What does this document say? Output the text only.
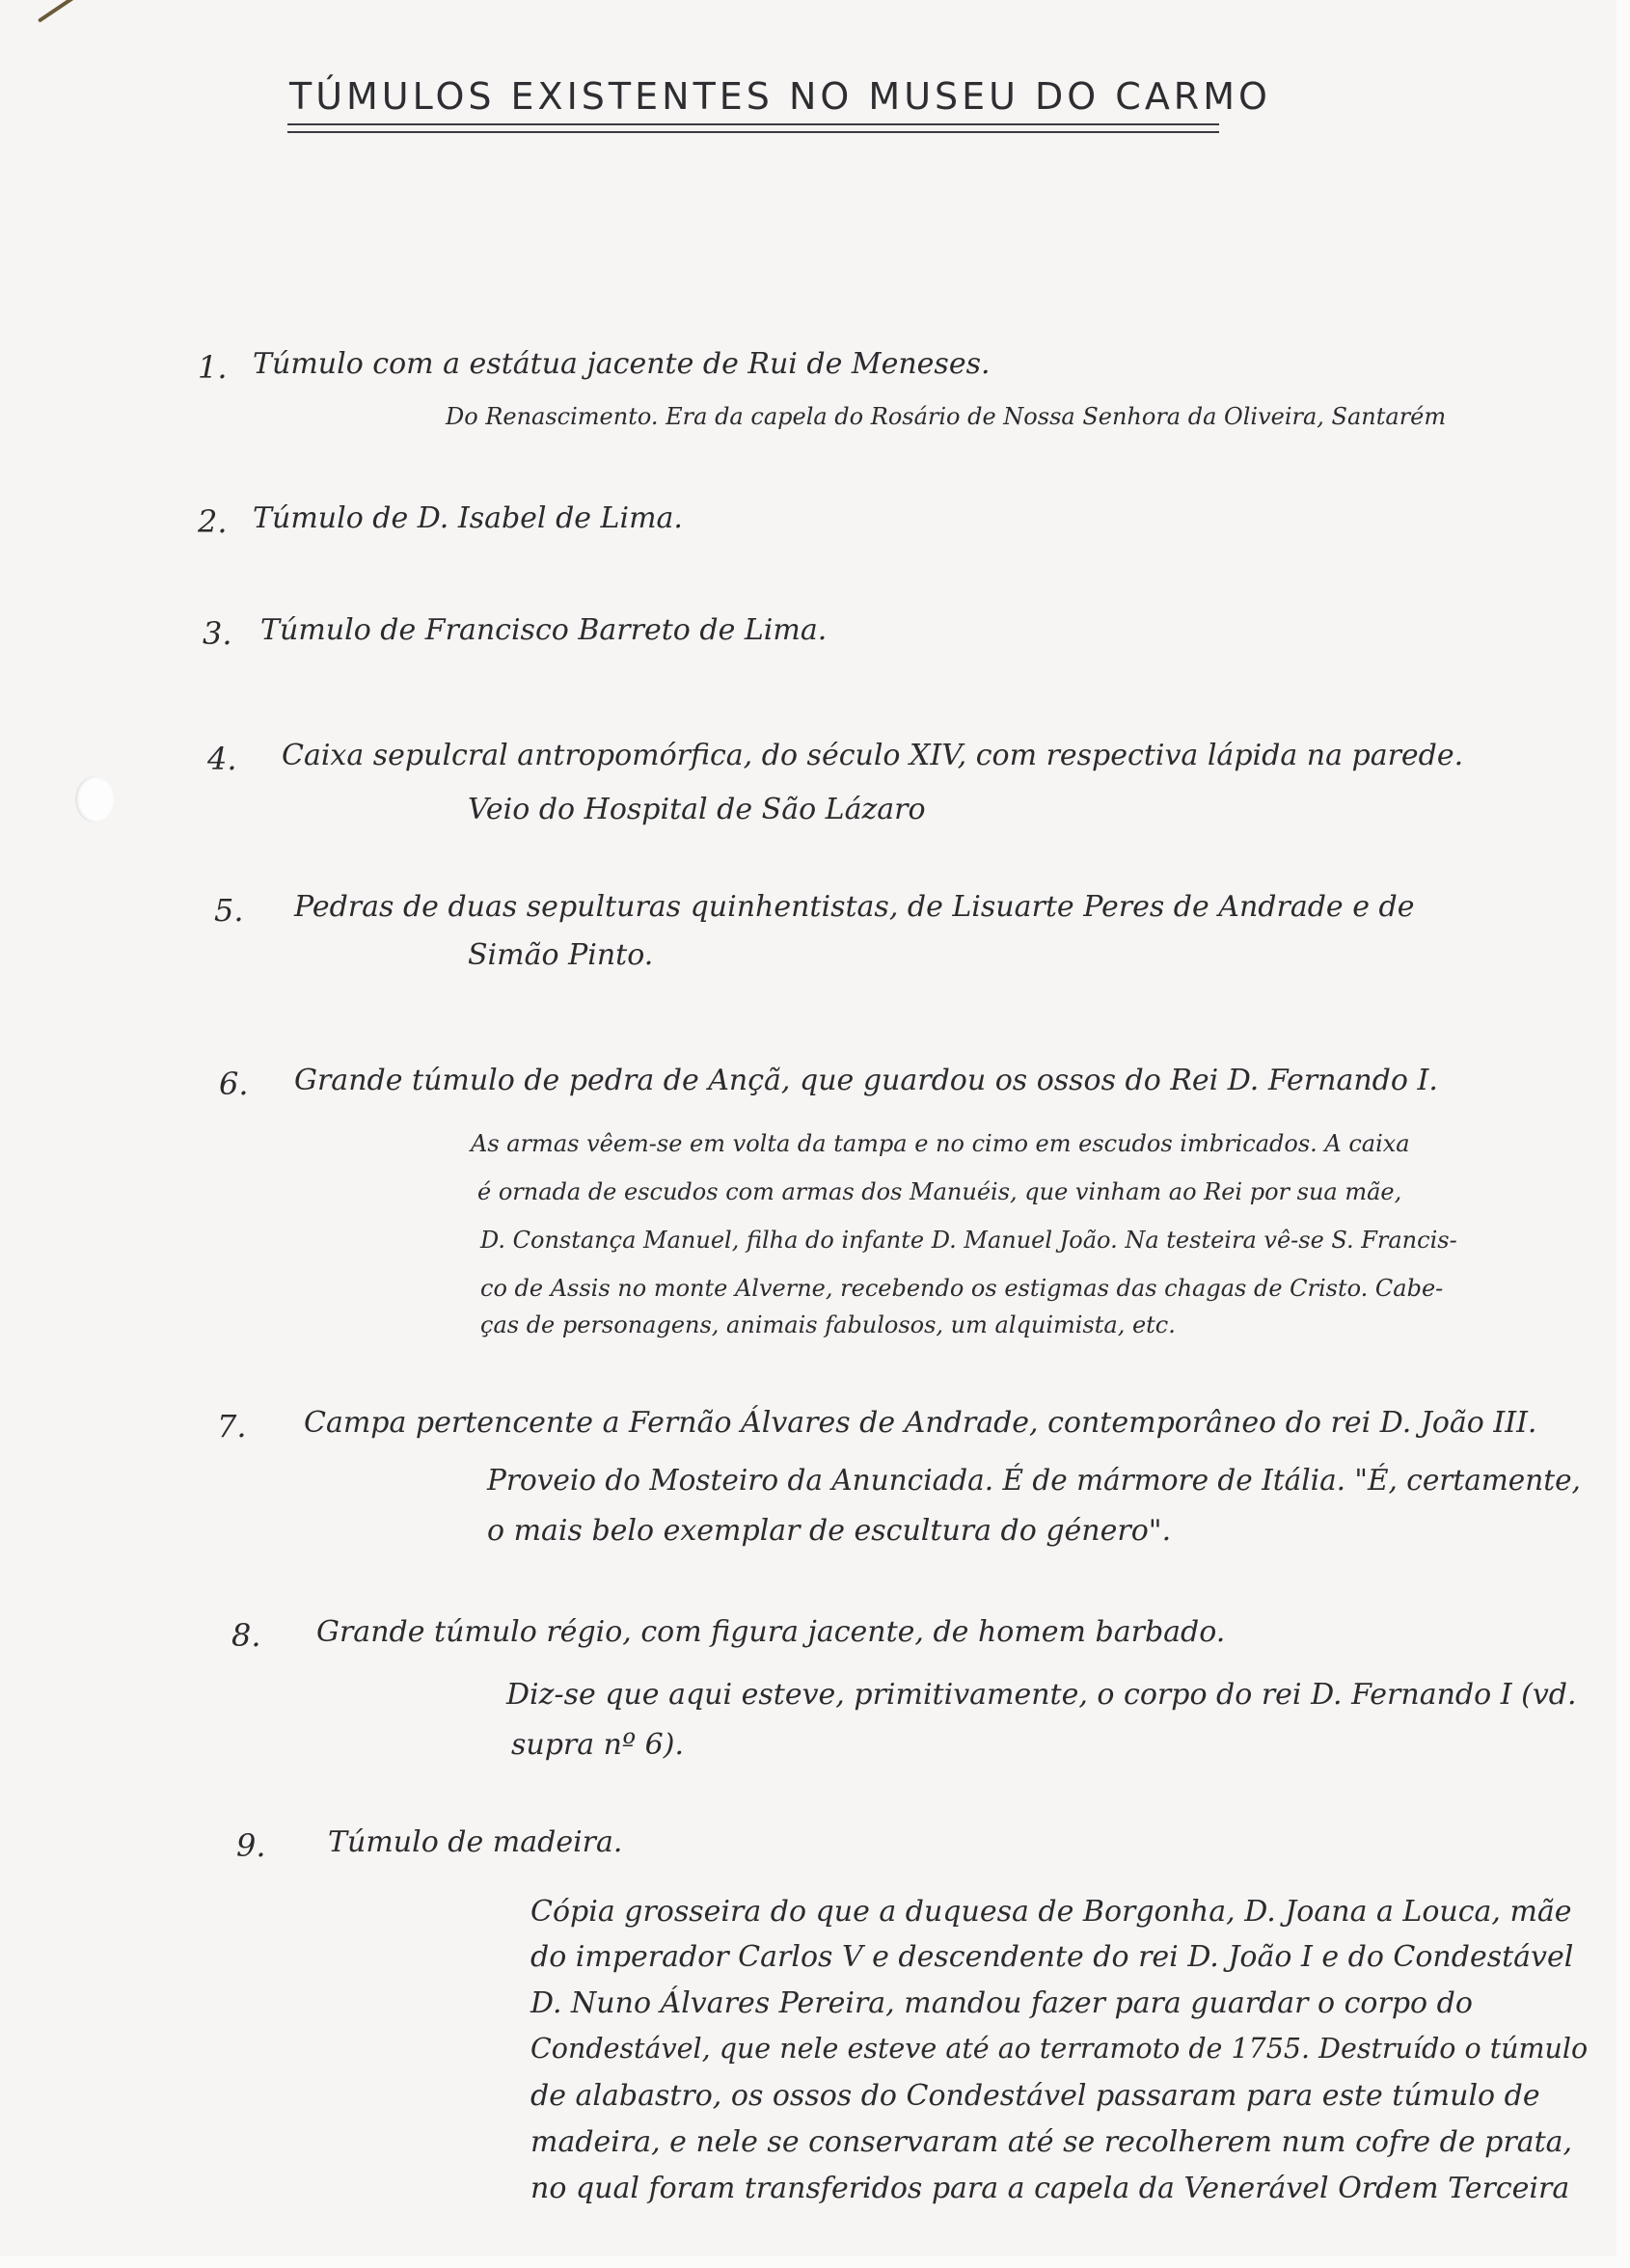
TÚMULOS EXISTENTES NO MUSEU DO CARMO
1. Túmulo com a estátua jacente de Rui de Meneses.
Do Renascimento. Era da capela do Rosário de Nossa Senhora da Oliveira, Santarém
2. Túmulo de D. Isabel de Lima.
3. Túmulo de Francisco Barreto de Lima.
4. Caixa sepulcral antropomórfica, do século XIV, com respectiva lápida na parede.
Veio do Hospital de São Lázaro
5. Pedras de duas sepulturas quinhentistas, de Lisuarte Peres de Andrade e de
Simão Pinto.
6. Grande túmulo de pedra de Ançã, que guardou os ossos do Rei D. Fernando I.
As armas vêem-se em volta da tampa e no cimo em escudos imbricados. A caixa
é ornada de escudos com armas dos Manuéis, que vinham ao Rei por sua mãe,
D. Constança Manuel, filha do infante D. Manuel João. Na testeira vê-se S. Francis-
co de Assis no monte Alverne, recebendo os estigmas das chagas de Cristo. Cabe-
ças de personagens, animais fabulosos, um alquimista, etc.
7. Campa pertencente a Fernão Álvares de Andrade, contemporâneo do rei D. João III.
Proveio do Mosteiro da Anunciada. É de mármore de Itália. "É, certamente,
o mais belo exemplar de escultura do género".
8. Grande túmulo régio, com figura jacente, de homem barbado.
Diz-se que aqui esteve, primitivamente, o corpo do rei D. Fernando I (vd.
supra nº 6).
9. Túmulo de madeira.
Cópia grosseira do que a duquesa de Borgonha, D. Joana a Louca, mãe
do imperador Carlos V e descendente do rei D. João I e do Condestável
D. Nuno Álvares Pereira, mandou fazer para guardar o corpo do
Condestável, que nele esteve até ao terramoto de 1755. Destruído o túmulo
de alabastro, os ossos do Condestável passaram para este túmulo de
madeira, e nele se conservaram até se recolherem num cofre de prata,
no qual foram transferidos para a capela da Venerável Ordem Terceira
